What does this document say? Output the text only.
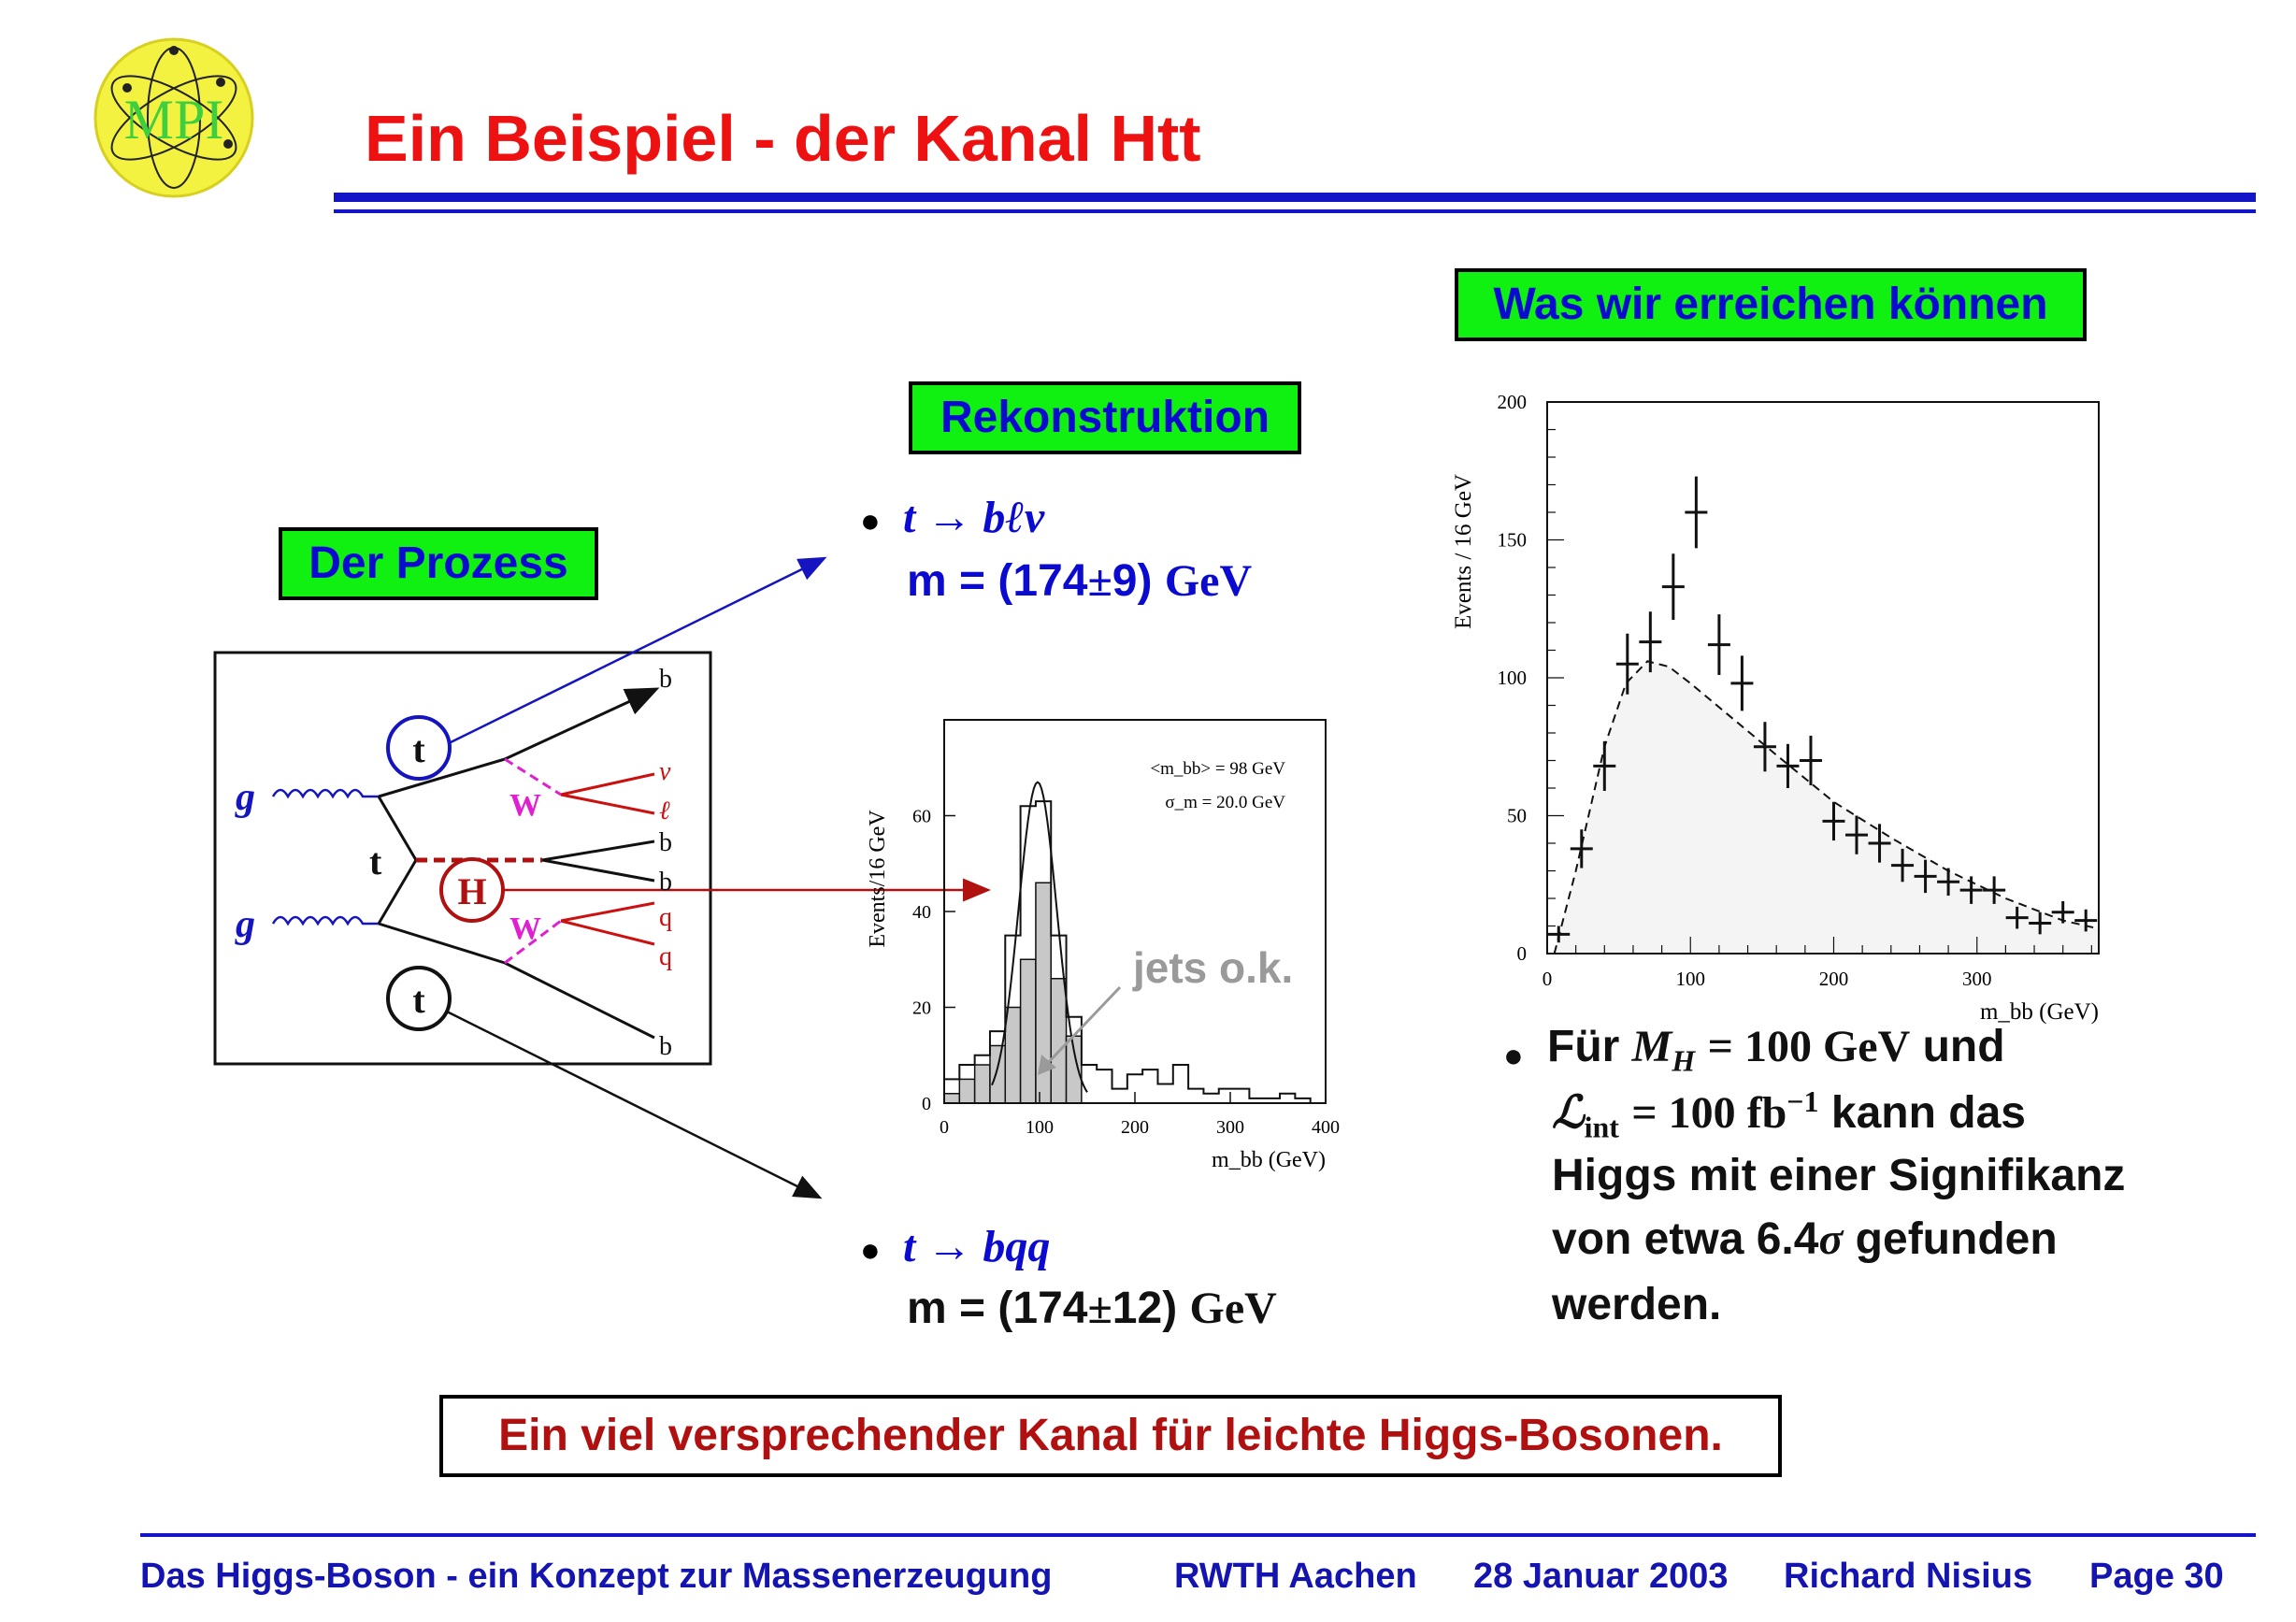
MPI Ein Beispiel - der Kanal Htt
Der Prozess
Rekonstruktion
Was wir erreichen können
g
g
t
t
H
t
W
W
b
ν
ℓ
b
b
q
q
b
● t → bℓν
m = (174±9) GeV
● t → bqq
m = (174±12) GeV
0	100	200	300	400
0
20
40
60
m_bb (GeV)
Events/16 GeV
<m_bb> = 98 GeV
σ_m = 20.0 GeV
jets o.k.	0	100	200	300
0
50
100
150
200
m_bb (GeV)
Events / 16 GeV
● Für $M_H = 100$ GeV und
ℒ$_{int}$ = 100 $fb^{-1}$ kann das
Higgs mit einer Signifikanz
von etwa 6.4σ gefunden
werden.
Ein viel versprechender Kanal für leichte Higgs-Bosonen.
Das Higgs-Boson - ein Konzept zur Massenerzeugung	RWTH Aachen 28 Januar 2003 Richard Nisius Page 30
